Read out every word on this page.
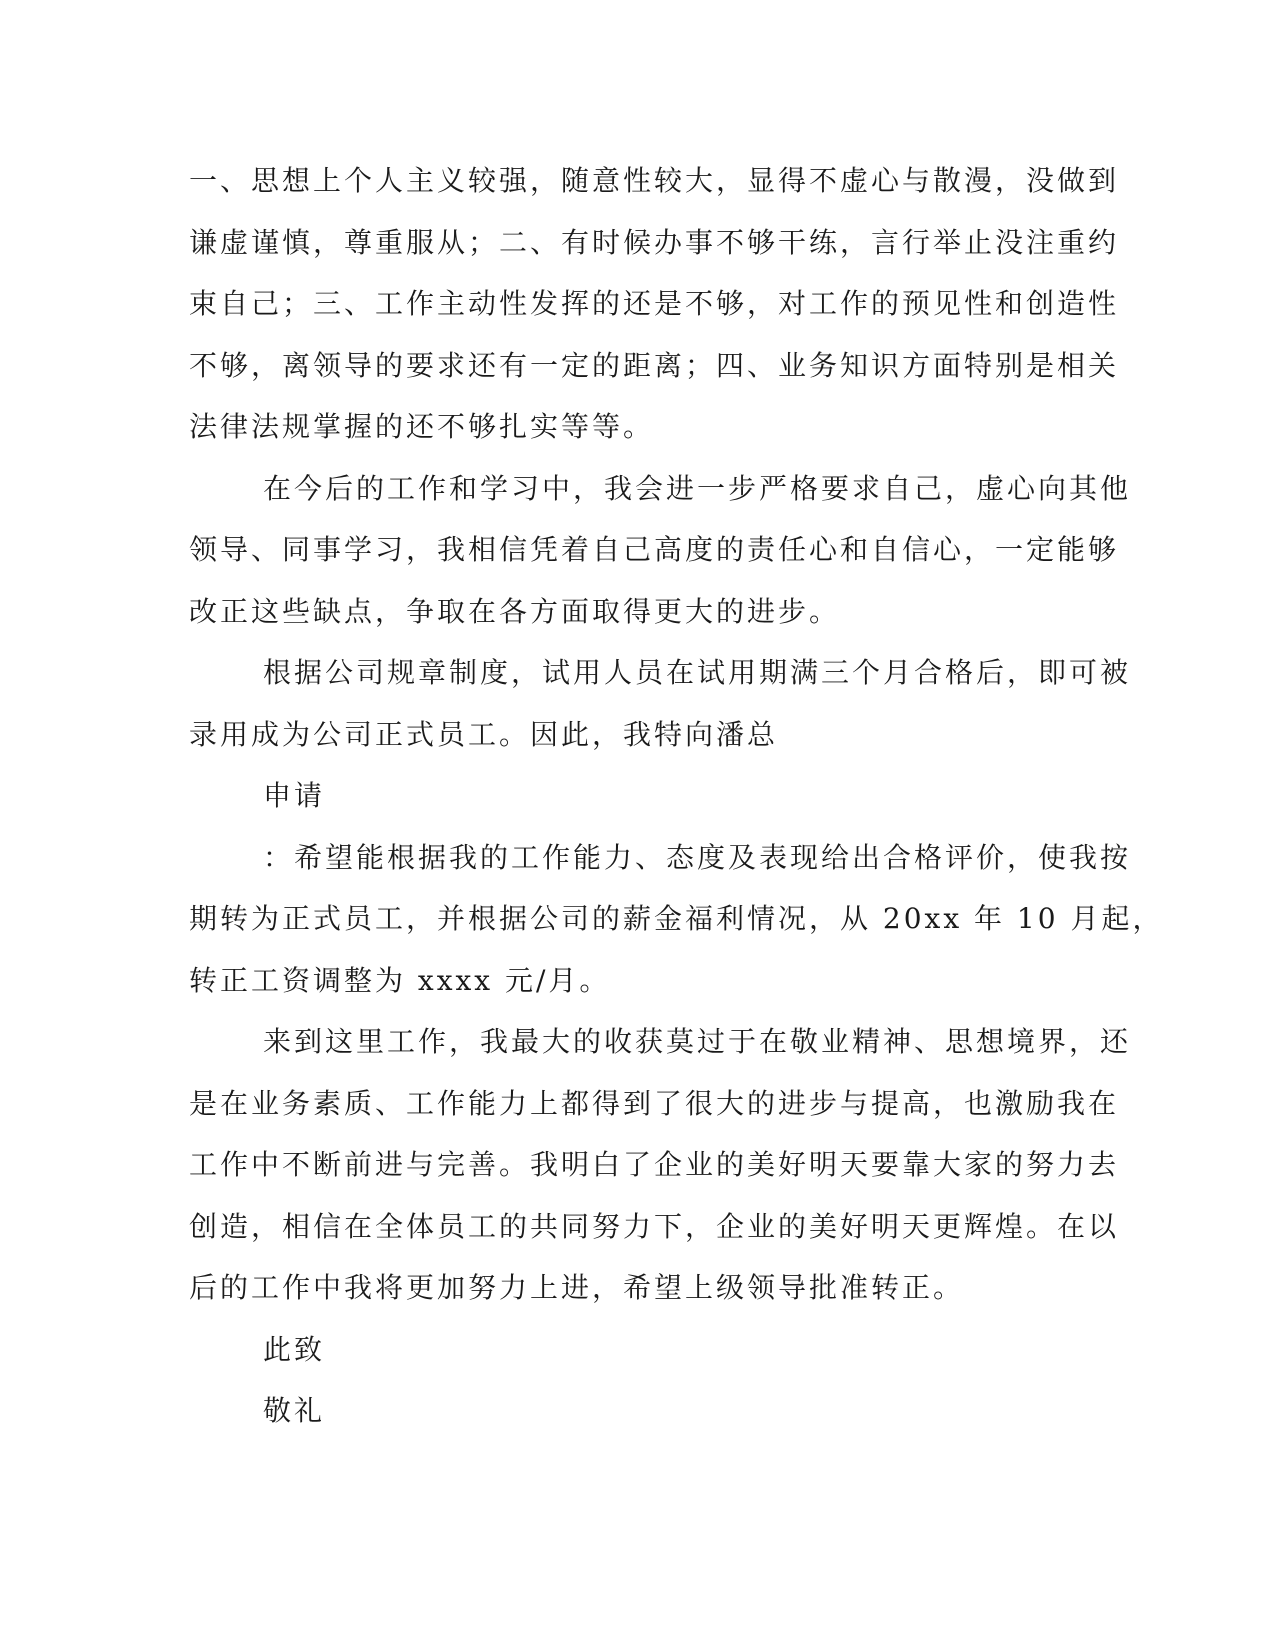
一、思想上个人主义较强，随意性较大，显得不虚心与散漫，没做到
谦虚谨慎，尊重服从；二、有时候办事不够干练，言行举止没注重约
束自己；三、工作主动性发挥的还是不够，对工作的预见性和创造性
不够，离领导的要求还有一定的距离；四、业务知识方面特别是相关
法律法规掌握的还不够扎实等等。
在今后的工作和学习中，我会进一步严格要求自己，虚心向其他
领导、同事学习，我相信凭着自己高度的责任心和自信心，一定能够
改正这些缺点，争取在各方面取得更大的进步。
根据公司规章制度，试用人员在试用期满三个月合格后，即可被
录用成为公司正式员工。因此，我特向潘总
申请
：希望能根据我的工作能力、态度及表现给出合格评价，使我按
期转为正式员工，并根据公司的薪金福利情况，从 20xx 年 10 月起，
转正工资调整为 xxxx 元/月。
来到这里工作，我最大的收获莫过于在敬业精神、思想境界，还
是在业务素质、工作能力上都得到了很大的进步与提高，也激励我在
工作中不断前进与完善。我明白了企业的美好明天要靠大家的努力去
创造，相信在全体员工的共同努力下，企业的美好明天更辉煌。在以
后的工作中我将更加努力上进，希望上级领导批准转正。
此致
敬礼
